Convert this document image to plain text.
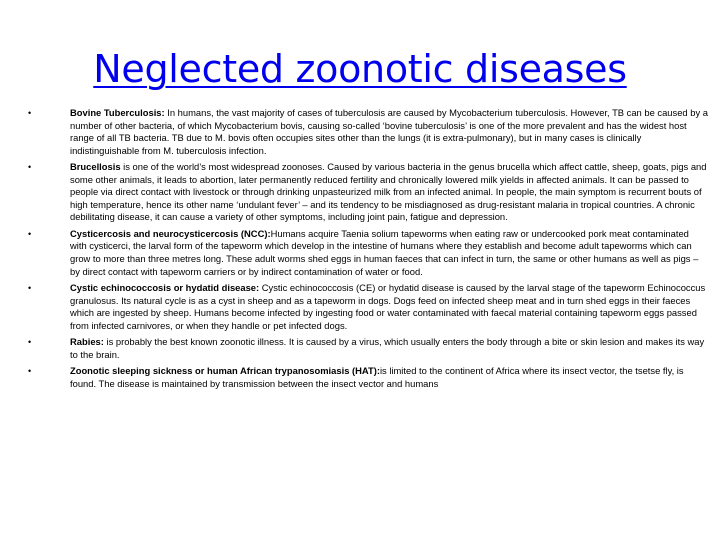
Neglected zoonotic diseases
•	Bovine Tuberculosis: In humans, the vast majority of cases of tuberculosis are caused by Mycobacterium tuberculosis. However, TB can be caused by a number of other bacteria, of which Mycobacterium bovis, causing so-called ‘bovine tuberculosis’ is one of the more prevalent and has the widest host range of all TB bacteria. TB due to M. bovis often occupies sites other than the lungs (it is extra-pulmonary), but in many cases is clinically indistinguishable from M. tuberculosis infection.
•	Brucellosis is one of the world’s most widespread zoonoses. Caused by various bacteria in the genus brucella which affect cattle, sheep, goats, pigs and some other animals, it leads to abortion, later permanently reduced fertility and chronically lowered milk yields in affected animals. It can be passed to people via direct contact with livestock or through drinking unpasteurized milk from an infected animal. In people, the main symptom is recurrent bouts of high temperature, hence its other name ‘undulant fever’ – and its tendency to be misdiagnosed as drug-resistant malaria in tropical countries. A chronic debilitating disease, it can cause a variety of other symptoms, including joint pain, fatigue and depression.
•	Cysticercosis and neurocysticercosis (NCC):Humans acquire Taenia solium tapeworms when eating raw or undercooked pork meat contaminated with cysticerci, the larval form of the tapeworm which develop in the intestine of humans where they establish and become adult tapeworms which can grow to more than three metres long. These adult worms shed eggs in human faeces that can infect in turn, the same or other humans as well as pigs – by direct contact with tapeworm carriers or by indirect contamination of water or food.
•	Cystic echinococcosis or hydatid disease: Cystic echinococcosis (CE) or hydatid disease is caused by the larval stage of the tapeworm Echinococcus granulosus. Its natural cycle is as a cyst in sheep and as a tapeworm in dogs. Dogs feed on infected sheep meat and in turn shed eggs in their faeces which are ingested by sheep. Humans become infected by ingesting food or water contaminated with faecal material containing tapeworm eggs passed from infected carnivores, or when they handle or pet infected dogs.
•	Rabies: is probably the best known zoonotic illness. It is caused by a virus, which usually enters the body through a bite or skin lesion and makes its way to the brain.
•	Zoonotic sleeping sickness or human African trypanosomiasis (HAT):is limited to the continent of Africa where its insect vector, the tsetse fly, is found. The disease is maintained by transmission between the insect vector and humans
